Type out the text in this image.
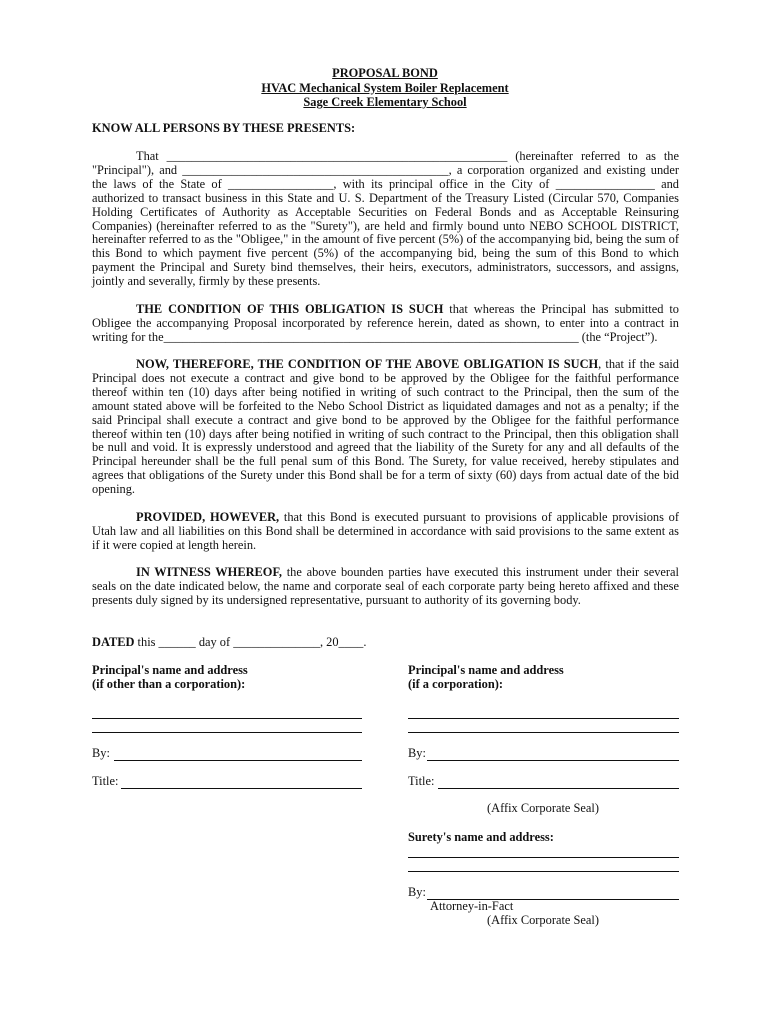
PROPOSAL BOND
HVAC Mechanical System Boiler Replacement
Sage Creek Elementary School
KNOW ALL PERSONS BY THESE PRESENTS:

That _______________________________________________________ (hereinafter referred to as the "Principal"), and ___________________________________________, a corporation organized and existing under the laws of the State of _________________, with its principal office in the City of ________________ and authorized to transact business in this State and U. S. Department of the Treasury Listed (Circular 570, Companies Holding Certificates of Authority as Acceptable Securities on Federal Bonds and as Acceptable Reinsuring Companies) (hereinafter referred to as the "Surety"), are held and firmly bound unto NEBO SCHOOL DISTRICT, hereinafter referred to as the "Obligee," in the amount of five percent (5%) of the accompanying bid, being the sum of this Bond to which payment five percent (5%) of the accompanying bid, being the sum of this Bond to which payment the Principal and Surety bind themselves, their heirs, executors, administrators, successors, and assigns, jointly and severally, firmly by these presents.

THE CONDITION OF THIS OBLIGATION IS SUCH that whereas the Principal has submitted to Obligee the accompanying Proposal incorporated by reference herein, dated as shown, to enter into a contract in writing for the___________________________________________________________________ (the “Project”).

NOW, THEREFORE, THE CONDITION OF THE ABOVE OBLIGATION IS SUCH, that if the said Principal does not execute a contract and give bond to be approved by the Obligee for the faithful performance thereof within ten (10) days after being notified in writing of such contract to the Principal, then the sum of the amount stated above will be forfeited to the Nebo School District as liquidated damages and not as a penalty; if the said Principal shall execute a contract and give bond to be approved by the Obligee for the faithful performance thereof within ten (10) days after being notified in writing of such contract to the Principal, then this obligation shall be null and void. It is expressly understood and agreed that the liability of the Surety for any and all defaults of the Principal hereunder shall be the full penal sum of this Bond. The Surety, for value received, hereby stipulates and agrees that obligations of the Surety under this Bond shall be for a term of sixty (60) days from actual date of the bid opening.

PROVIDED, HOWEVER, that this Bond is executed pursuant to provisions of applicable provisions of Utah law and all liabilities on this Bond shall be determined in accordance with said provisions to the same extent as if it were copied at length herein.

IN WITNESS WHEREOF, the above bounden parties have executed this instrument under their several seals on the date indicated below, the name and corporate seal of each corporate party being hereto affixed and these presents duly signed by its undersigned representative, pursuant to authority of its governing body.

DATED this ______ day of ______________, 20____.
Principal's name and address
(if other than a corporation):
By:
Title:
Principal's name and address
(if a corporation):
By:
Title:
(Affix Corporate Seal)
Surety's name and address:
By:
Attorney-in-Fact
(Affix Corporate Seal)
